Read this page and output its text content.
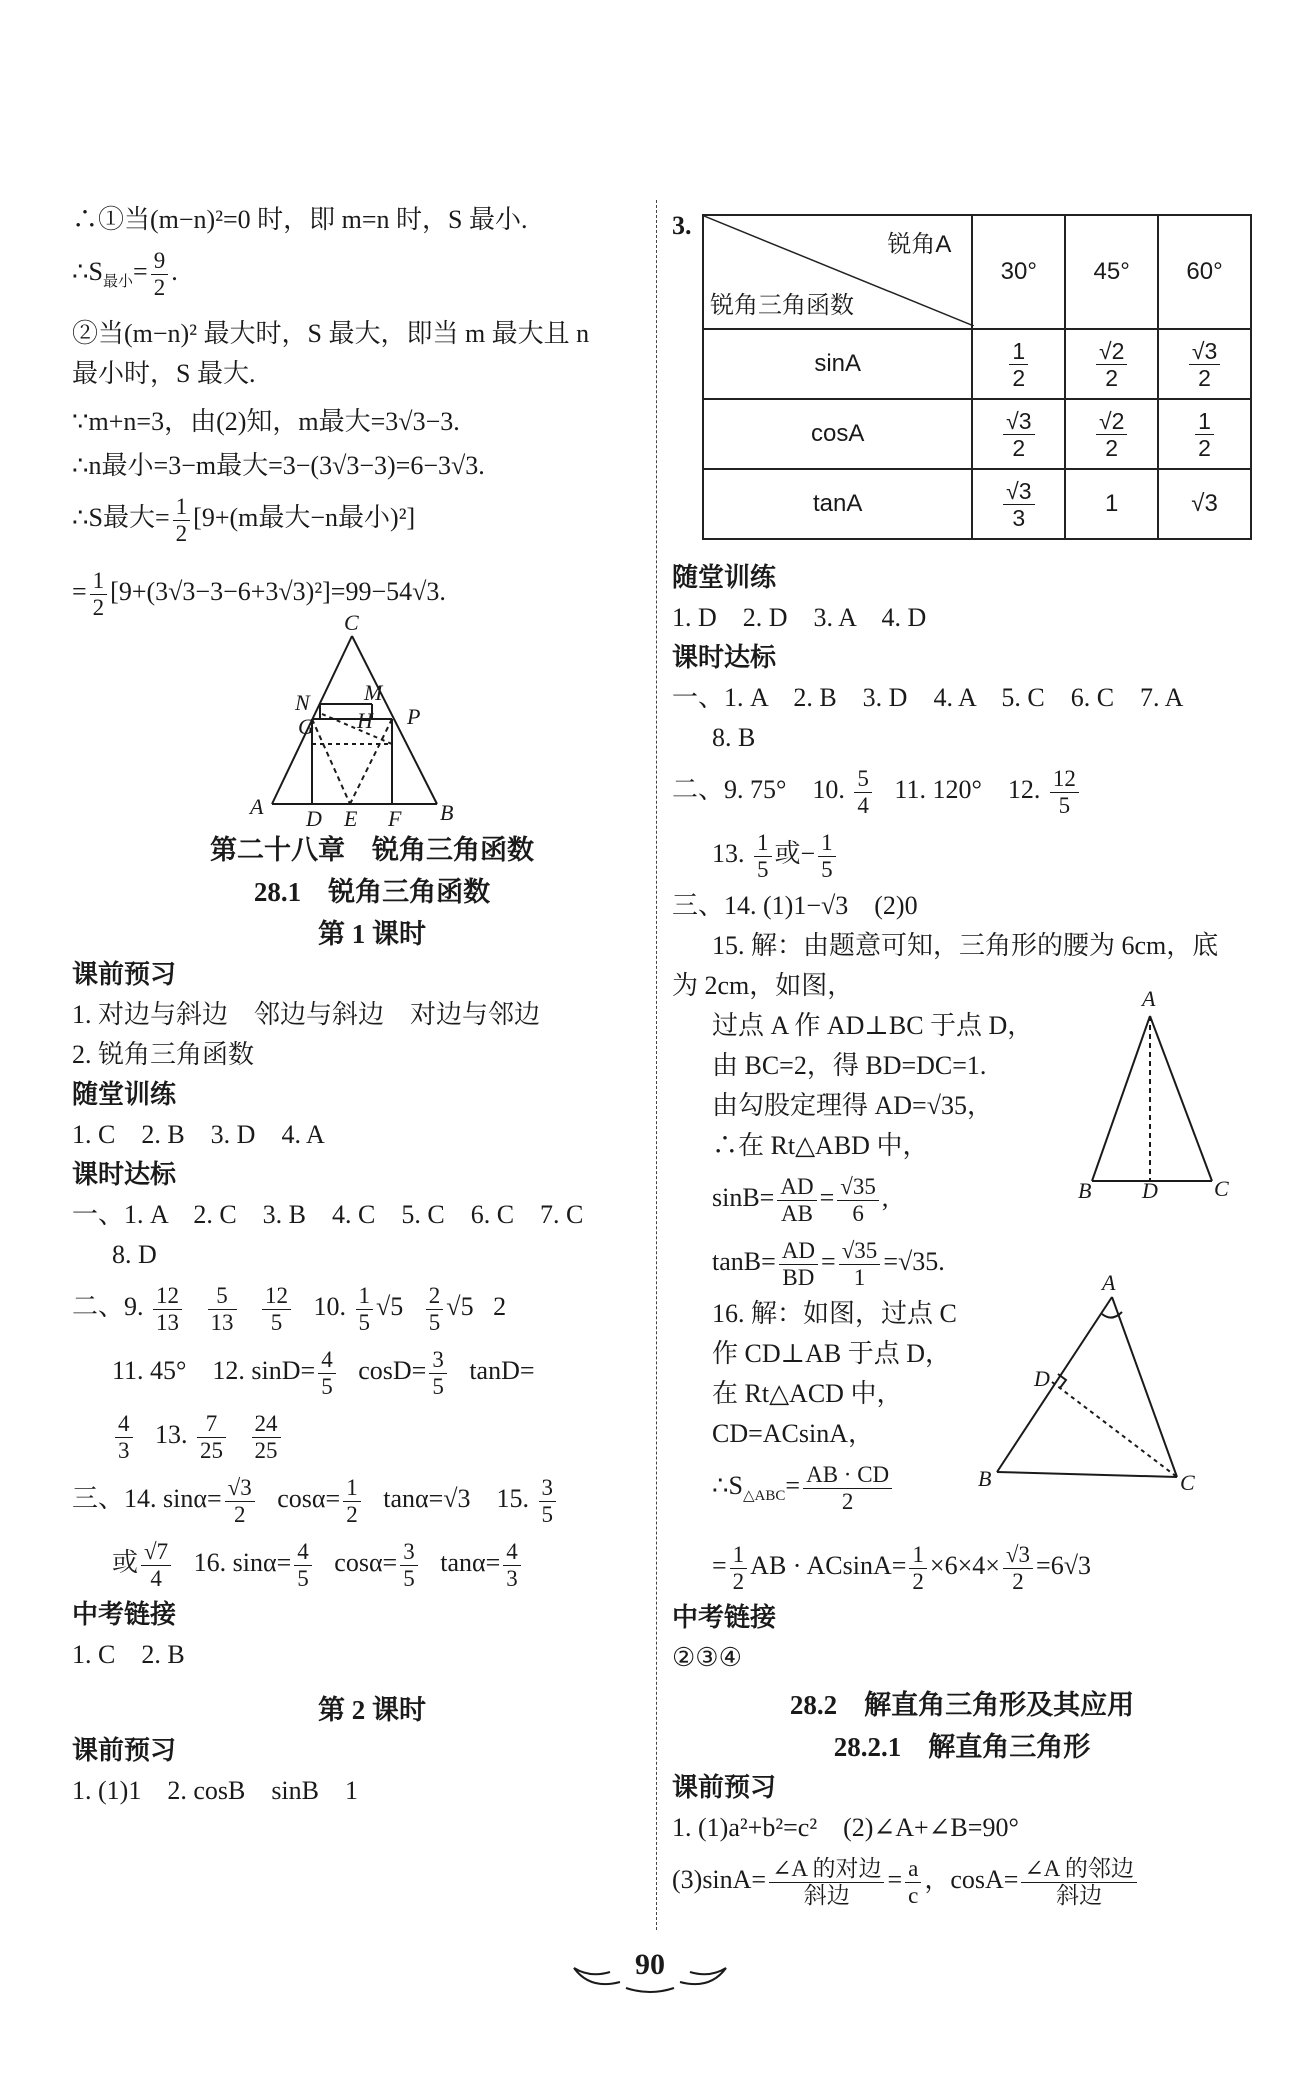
∴①当(m−n)²=0 时，即 m=n 时，S 最小.
$\therefore S_{最小}= \frac{9}{2}$ .
②当(m−n)² 最大时，S 最大，即当 m 最大且 n
最小时，S 最大.
∵m+n=3，由(2)知，m最大=3√3−3.
∴n最小=3−m最大=3−(3√3−3)=6−3√3.
∴S最大= $\frac{1}{2} [9+(m$最大−n最小)²]
= $\frac{1}{2} [9+(3√3-3-6+3√3)^2]=99-54√3$.
C
N M
G H P
A D E F B
第二十八章　锐角三角函数
28.1　锐角三角函数
第 1 课时
课前预习
1. 对边与斜边　邻边与斜边　对边与邻边
2. 锐角三角函数
随堂训练
1. C　2. B　3. D　4. A
课时达标
一、1. A　2. C　3. B　4. C　5. C　6. C　7. C
8. D
二、9. $\frac{12}{13}$
$\frac{5}{13}$
$\frac{12}{5} 10$. $\frac{1}{5} √5 \frac{2}{5} √5$ 2
11. 45°　12. $\sin D= \frac{4}{5} \cos D= \frac{3}{5} \tan D=$
$\frac{4}{3} 13$. $\frac{7}{25}$
$\frac{24}{25}$
三、14. $\sin\alpha= \frac{√3}{2} \cos\alpha= \frac{1}{2} \tan\alpha=√3$　15. $\frac{3}{5}$
或 $\frac{√7}{4} 16$. $\sin\alpha= \frac{4}{5} \cos\alpha= \frac{3}{5} \tan\alpha= \frac{4}{3}$
中考链接
1. C　2. B
第 2 课时
课前预习
1. (1)1　2. cosB　sinB　1
3.
锐角A
锐角三角函数	30°	45°	60°
sinA	$\frac{1}{2}$	$\frac{√2}{2}$	$\frac{√3}{2}$

cosA	$\frac{√3}{2}$	$\frac{√2}{2}$	$\frac{1}{2}$

tanA	$\frac{√3}{3}$	1	√3
随堂训练
1. D　2. D　3. A　4. D
课时达标
一、1. A　2. B　3. D　4. A　5. C　6. C　7. A
8. B
二、9. 75°　10. $\frac{5}{4} 11$. 120°　12. $\frac{12}{5}$
13. $\frac{1}{5}$ 或− $\frac{1}{5}$
三、14. (1)1−√3　(2)0
15. 解：由题意可知，三角形的腰为 6cm，底
为 2cm，如图，
过点 A 作 AD⊥BC 于点 D，
由 BC=2，得 BD=DC=1.
由勾股定理得 AD=√35，
∴在 Rt△ABD 中，
$\sin B= \frac{AD}{AB} = \frac{√35}{6}$ ,
$\tan B= \frac{AD}{BD} = \frac{√35}{1} =√35$.
A
B D	C
16. 解：如图，过点 C
作 CD⊥AB 于点 D，
在 Rt△ACD 中，
CD=ACsinA，
$\therefore S_{\triangle ABC}= \frac{AB \cdot CD}{2}$
A
D
B	C
= $\frac{1}{2}$ AB · $ACsinA= \frac{1}{2} \times 6\times 4\times \frac{√3}{2} =6√3$
中考链接
②③④
28.2　解直角三角形及其应用
28.2.1　解直角三角形
课前预习
1. (1)a²+b²=c²　(2)∠A+∠B=90°
$(3)\sin A= \frac{\text{∠A 的对边}}{\text{斜边}} = \frac{a}{c}$ ，$\cos A= \frac{\text{∠A 的邻边}}{\text{斜边}}$
90
